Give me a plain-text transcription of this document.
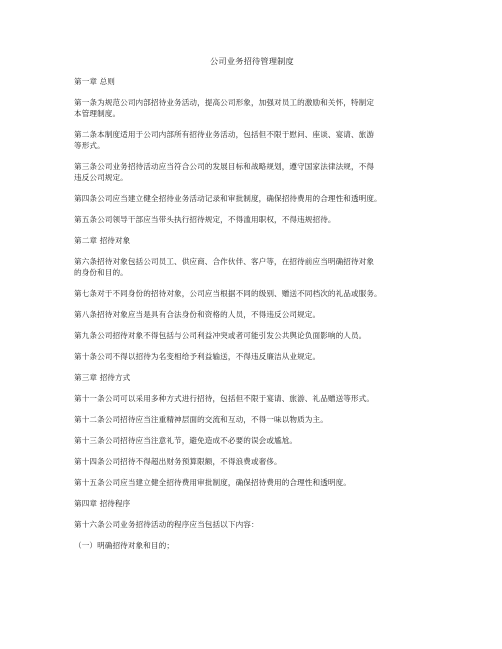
公司业务招待管理制度

第一章 总则

第一条为规范公司内部招待业务活动，提高公司形象，加强对员工的激励和关怀，特制定
本管理制度。

第二条本制度适用于公司内部所有招待业务活动，包括但不限于慰问、座谈、宴请、旅游
等形式。

第三条公司业务招待活动应当符合公司的发展目标和战略规划，遵守国家法律法规，不得
违反公司规定。

第四条公司应当建立健全招待业务活动记录和审批制度，确保招待费用的合理性和透明度。

第五条公司领导干部应当带头执行招待规定，不得滥用职权，不得违规招待。

第二章 招待对象

第六条招待对象包括公司员工、供应商、合作伙伴、客户等，在招待前应当明确招待对象
的身份和目的。

第七条对于不同身份的招待对象，公司应当根据不同的级别、赠送不同档次的礼品或服务。

第八条招待对象应当是具有合法身份和资格的人员，不得违反公司规定。

第九条公司招待对象不得包括与公司利益冲突或者可能引发公共舆论负面影响的人员。

第十条公司不得以招待为名变相给予利益输送，不得违反廉洁从业规定。

第三章 招待方式

第十一条公司可以采用多种方式进行招待，包括但不限于宴请、旅游、礼品赠送等形式。

第十二条公司招待应当注重精神层面的交流和互动，不得一味以物质为主。

第十三条公司招待应当注意礼节，避免造成不必要的误会或尴尬。

第十四条公司招待不得超出财务预算限额，不得浪费或奢侈。

第十五条公司应当建立健全招待费用审批制度，确保招待费用的合理性和透明度。

第四章 招待程序

第十六条公司业务招待活动的程序应当包括以下内容：

（一）明确招待对象和目的；
